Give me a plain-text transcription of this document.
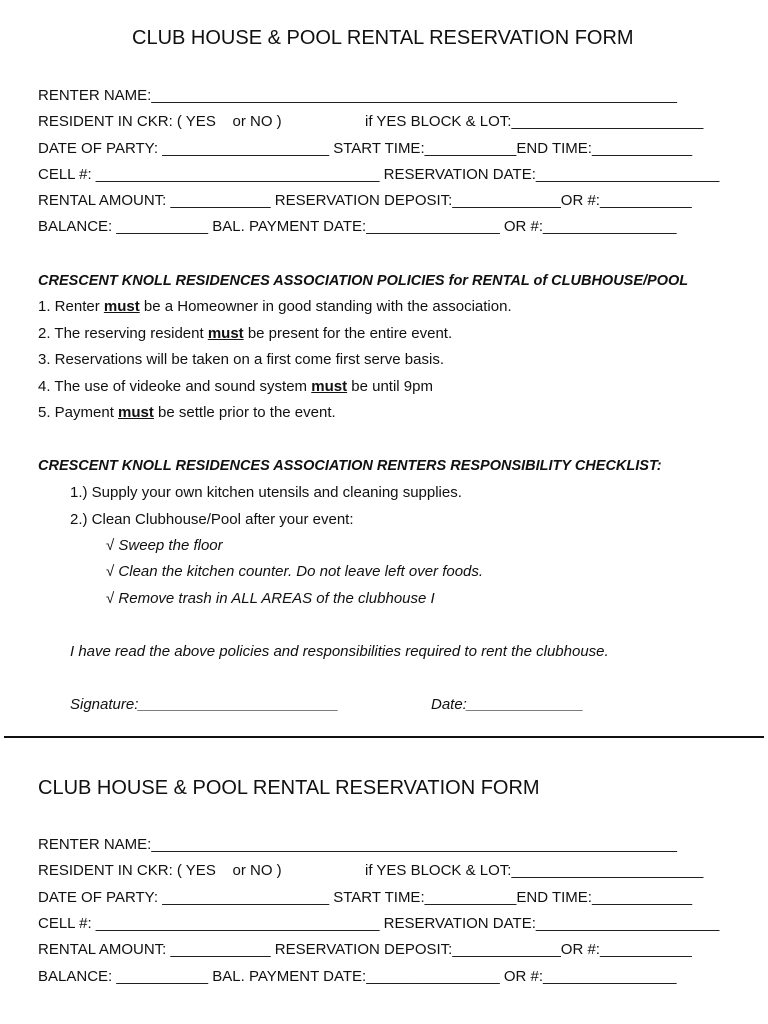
CLUB HOUSE & POOL RENTAL RESERVATION FORM
RENTER NAME:_______________________________________________________________
RESIDENT IN CKR: ( YES    or NO )                    if YES BLOCK & LOT:_______________________
DATE OF PARTY: ____________________ START TIME:___________END TIME:____________
CELL #: __________________________________ RESERVATION DATE:______________________
RENTAL AMOUNT: ____________ RESERVATION DEPOSIT:_____________OR #:___________
BALANCE: ___________ BAL. PAYMENT DATE:________________ OR #:________________
CRESCENT KNOLL RESIDENCES ASSOCIATION POLICIES for RENTAL of CLUBHOUSE/POOL
1. Renter must be a Homeowner in good standing with the association.
2. The reserving resident must be present for the entire event.
3. Reservations will be taken on a first come first serve basis.
4. The use of videoke and sound system must be until 9pm
5. Payment must be settle prior to the event.
CRESCENT KNOLL RESIDENCES ASSOCIATION RENTERS RESPONSIBILITY CHECKLIST:
1.) Supply your own kitchen utensils and cleaning supplies.
2.) Clean Clubhouse/Pool after your event:
√ Sweep the floor
√ Clean the kitchen counter. Do not leave left over foods.
√ Remove trash in ALL AREAS of the clubhouse I
I have read the above policies and responsibilities required to rent the clubhouse.
Signature:________________________	Date:______________
CLUB HOUSE & POOL RENTAL RESERVATION FORM
RENTER NAME:_______________________________________________________________
RESIDENT IN CKR: ( YES    or NO )                    if YES BLOCK & LOT:_______________________
DATE OF PARTY: ____________________ START TIME:___________END TIME:____________
CELL #: __________________________________ RESERVATION DATE:______________________
RENTAL AMOUNT: ____________ RESERVATION DEPOSIT:_____________OR #:___________
BALANCE: ___________ BAL. PAYMENT DATE:________________ OR #:________________
